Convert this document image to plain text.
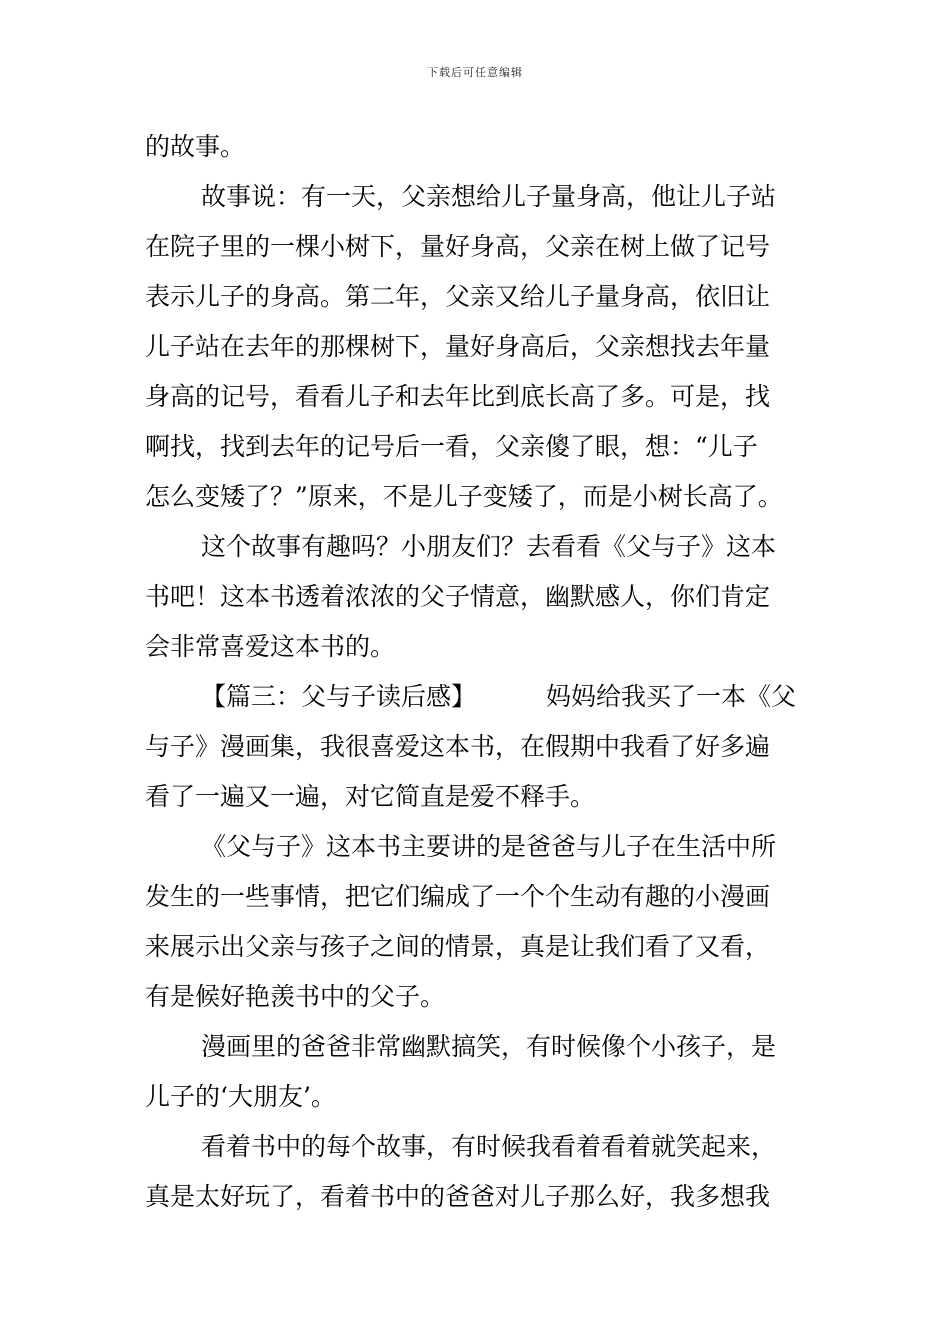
下载后可任意编辑
的故事。
故事说：有一天，父亲想给儿子量身高，他让儿子站
在院子里的一棵小树下，量好身高，父亲在树上做了记号
表示儿子的身高。第二年，父亲又给儿子量身高，依旧让
儿子站在去年的那棵树下，量好身高后，父亲想找去年量
身高的记号，看看儿子和去年比到底长高了多。可是，找
啊找，找到去年的记号后一看，父亲傻了眼，想：“儿子
怎么变矮了？”原来，不是儿子变矮了，而是小树长高了。
这个故事有趣吗？小朋友们？去看看《父与子》这本
书吧！这本书透着浓浓的父子情意，幽默感人，你们肯定
会非常喜爱这本书的。
【篇三：父与子读后感】	妈妈给我买了一本《父
与子》漫画集，我很喜爱这本书，在假期中我看了好多遍
看了一遍又一遍，对它简直是爱不释手。
《父与子》这本书主要讲的是爸爸与儿子在生活中所
发生的一些事情，把它们编成了一个个生动有趣的小漫画
来展示出父亲与孩子之间的情景，真是让我们看了又看，
有是候好艳羡书中的父子。
漫画里的爸爸非常幽默搞笑，有时候像个小孩子，是
儿子的‘大朋友’。
看着书中的每个故事，有时候我看着看着就笑起来，
真是太好玩了，看着书中的爸爸对儿子那么好，我多想我
